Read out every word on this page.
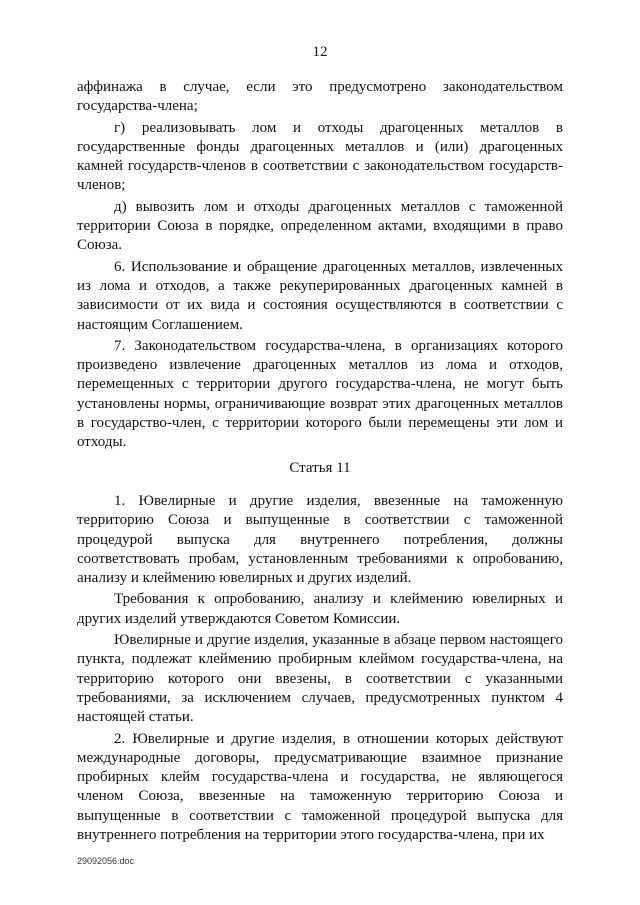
12

аффинажа в случае, если это предусмотрено законодательством государства-члена;

г) реализовывать лом и отходы драгоценных металлов в государственные фонды драгоценных металлов и (или) драгоценных камней государств-членов в соответствии с законодательством государств-членов;

д) вывозить лом и отходы драгоценных металлов с таможенной территории Союза в порядке, определенном актами, входящими в право Союза.

6. Использование и обращение драгоценных металлов, извлеченных из лома и отходов, а также рекуперированных драгоценных камней в зависимости от их вида и состояния осуществляются в соответствии с настоящим Соглашением.

7. Законодательством государства-члена, в организациях которого произведено извлечение драгоценных металлов из лома и отходов, перемещенных с территории другого государства-члена, не могут быть установлены нормы, ограничивающие возврат этих драгоценных металлов в государство-член, с территории которого были перемещены эти лом и отходы.

Статья 11

1. Ювелирные и другие изделия, ввезенные на таможенную территорию Союза и выпущенные в соответствии с таможенной процедурой выпуска для внутреннего потребления, должны соответствовать пробам, установленным требованиями к опробованию, анализу и клеймению ювелирных и других изделий.

Требования к опробованию, анализу и клеймению ювелирных и других изделий утверждаются Советом Комиссии.

Ювелирные и другие изделия, указанные в абзаце первом настоящего пункта, подлежат клеймению пробирным клеймом государства-члена, на территорию которого они ввезены, в соответствии с указанными требованиями, за исключением случаев, предусмотренных пунктом 4 настоящей статьи.

2. Ювелирные и другие изделия, в отношении которых действуют международные договоры, предусматривающие взаимное признание пробирных клейм государства-члена и государства, не являющегося членом Союза, ввезенные на таможенную территорию Союза и выпущенные в соответствии с таможенной процедурой выпуска для внутреннего потребления на территории этого государства-члена, при их

29092056.doc
